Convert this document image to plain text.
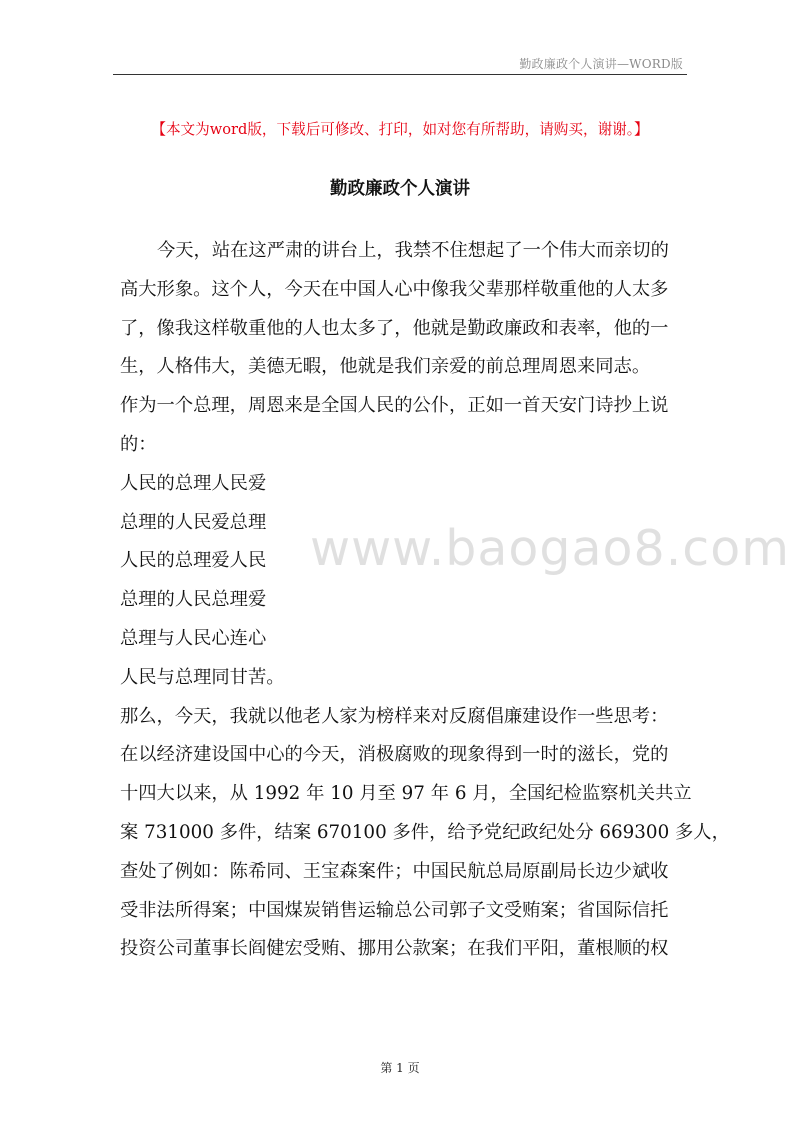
勤政廉政个人演讲—WORD版
【本文为word版，下载后可修改、打印，如对您有所帮助，请购买，谢谢。】
勤政廉政个人演讲
www.baogao8.com
今天，站在这严肃的讲台上，我禁不住想起了一个伟大而亲切的
高大形象。这个人，今天在中国人心中像我父辈那样敬重他的人太多
了，像我这样敬重他的人也太多了，他就是勤政廉政和表率，他的一
生，人格伟大，美德无暇，他就是我们亲爱的前总理周恩来同志。
作为一个总理，周恩来是全国人民的公仆，正如一首天安门诗抄上说
的：
人民的总理人民爱
总理的人民爱总理
人民的总理爱人民
总理的人民总理爱
总理与人民心连心
人民与总理同甘苦。
那么，今天，我就以他老人家为榜样来对反腐倡廉建设作一些思考：
在以经济建设国中心的今天，消极腐败的现象得到一时的滋长，党的
十四大以来，从 1992 年 10 月至 97 年 6 月，全国纪检监察机关共立
案 731000 多件，结案 670100 多件，给予党纪政纪处分 669300 多人，
查处了例如：陈希同、王宝森案件；中国民航总局原副局长边少斌收
受非法所得案；中国煤炭销售运输总公司郭子文受贿案；省国际信托
投资公司董事长阎健宏受贿、挪用公款案；在我们平阳，董根顺的权
第 1 页
